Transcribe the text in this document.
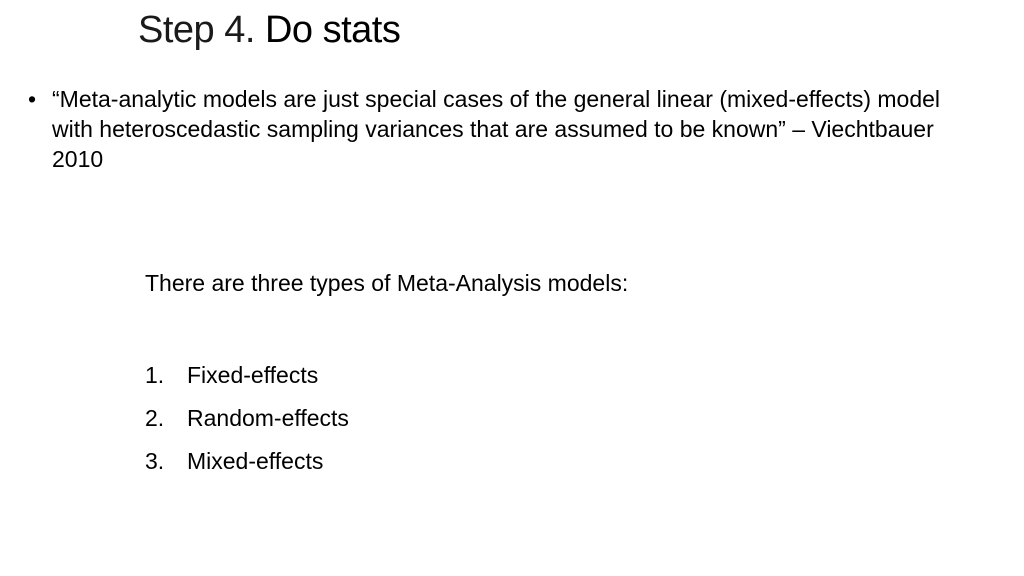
Step 4. Do stats
• “Meta-analytic models are just special cases of the general linear (mixed-effects) model with heteroscedastic sampling variances that are assumed to be known” – Viechtbauer 2010
There are three types of Meta-Analysis models:
1. Fixed-effects
2. Random-effects
3. Mixed-effects
